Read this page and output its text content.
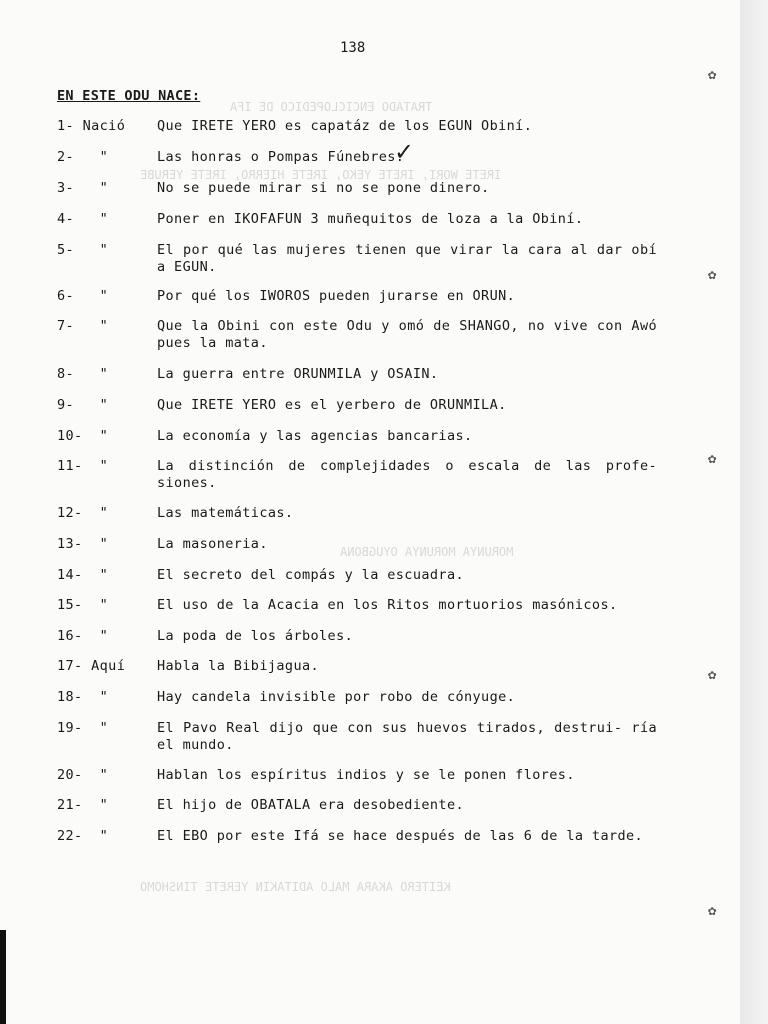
138
EN ESTE ODU NACE:
1- Nació Que IRETE YERO es capatáz de los EGUN Obiní.
2-   "	Las honras o Pompas Fúnebres.
3-   "	No se puede mirar si no se pone dinero.
4-   "	Poner en IKOFAFUN 3 muñequitos de loza a la Obiní.
5-   "	El por qué las mujeres tienen que virar la cara al dar obí a EGUN.
6-   "	Por qué los IWOROS pueden jurarse en ORUN.
7-   "	Que la Obini con este Odu y omó de SHANGO, no vive con Awó pues la mata.
8-   "	La guerra entre ORUNMILA y OSAIN.
9-   "	Que IRETE YERO es el yerbero de ORUNMILA.
10-  "	La economía y las agencias bancarias.
11-  "	La distinción de complejidades o escala de las profe- siones.
12-  "	Las matemáticas.
13-  "	La masoneria.
14-  "	El secreto del compás y la escuadra.
15-  "	El uso de la Acacia en los Ritos mortuorios masónicos.
16-  "	La poda de los árboles.
17- Aquí Habla la Bibijagua.
18-  "	Hay candela invisible por robo de cónyuge.
19-  "	El Pavo Real dijo que con sus huevos tirados, destrui- ría el mundo.
20-  "	Hablan los espíritus indios y se le ponen flores.
21-  "	El hijo de OBATALA era desobediente.
22-  "	El EBO por este Ifá se hace después de las 6 de la tarde.
✓
TRATADO ENCICLOPEDICO DE IFA
IRETE WORI, IRETE YEKO, IRETE HIERRO, IRETE YERUBE
MORUNYA MORUNYA OYUGBONA
KEITERO AKARA MALO ADITAKIN YERETE TINSHOMO
✿
✿
✿
✿
✿
